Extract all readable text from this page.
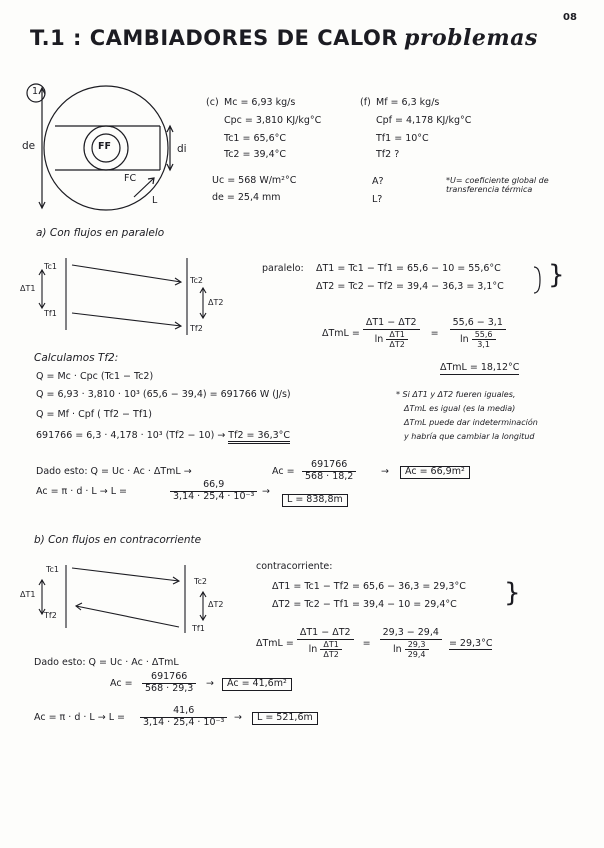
08
T.1 : CAMBIADORES DE CALOR problemas
1
de	di
FF
FC
L
(c) Mc = 6,93 kg/s
Cpc = 3,810 KJ/kg°C
Tc1 = 65,6°C
Tc2 = 39,4°C
Uc = 568 W/m²°C
de = 25,4 mm
(f) Mf = 6,3 kg/s
Cpf = 4,178 KJ/kg°C
Tf1 = 10°C
Tf2 ?
A?
L?
*U= coeficiente global de transferencia térmica
a) Con flujos en paralelo
Tc1
Tc2
Tf1
Tf2
ΔT1
ΔT2
paralelo: ΔT1 = Tc1 − Tf1 = 65,6 − 10 = 55,6°C
ΔT2 = Tc2 − Tf2 = 39,4 − 36,3 = 3,1°C
$\Delta TmL = \frac{\Delta T1 - \Delta T2}{\ln \frac{\Delta T1}{\Delta T2}} = \frac{55,6 - 3,1}{\ln \frac{55,6}{3,1}}$
ΔTmL = 18,12°C
Calculamos Tf2:
Q = Mc · Cpc (Tc1 − Tc2)
Q = 6,93 · 3,810 · 10³ (65,6 − 39,4) = 691766 W (J/s)
Q = Mf · Cpf ( Tf2 − Tf1)
691766 = 6,3 · 4,178 · 10³ (Tf2 − 10) → Tf2 = 36,3°C
* Si ΔT1 y ΔT2 fueren iguales,
ΔTmL es igual (es la media)
ΔTmL puede dar indeterminación
y habría que cambiar la longitud
Dado esto: Q = Uc · Ac · ΔTmL →	$Ac = \frac{691766}{568 \cdot 18,2}$	→	Ac = 66,9m²
Ac = π · d · L → L =	$\frac{66,9}{\text{3,14 · 25,4 · 10⁻³}}$ →
L = 838,8m
b) Con flujos en contracorriente
Tc1
Tc2
Tf2
Tf1
ΔT1
ΔT2
contracorriente:
ΔT1 = Tc1 − Tf2 = 65,6 − 36,3 = 29,3°C
ΔT2 = Tc2 − Tf1 = 39,4 − 10 = 29,4°C }
}
$\Delta TmL = \frac{\Delta T1 - \Delta T2}{\ln \frac{\Delta T1}{\Delta T2}} = \frac{29,3 - 29,4}{\ln \frac{29,3}{29,4}} = 29,3^\circ C$
Dado esto: Q = Uc · Ac · ΔTmL
$Ac = \frac{691766}{568 \cdot 29,3}$ →	Ac = 41,6m²
$Ac = \pi \cdot d \cdot L \to L = \frac{41,6}{\text{3,14 · 25,4 · 10⁻³}}$ →	L = 521,6m
